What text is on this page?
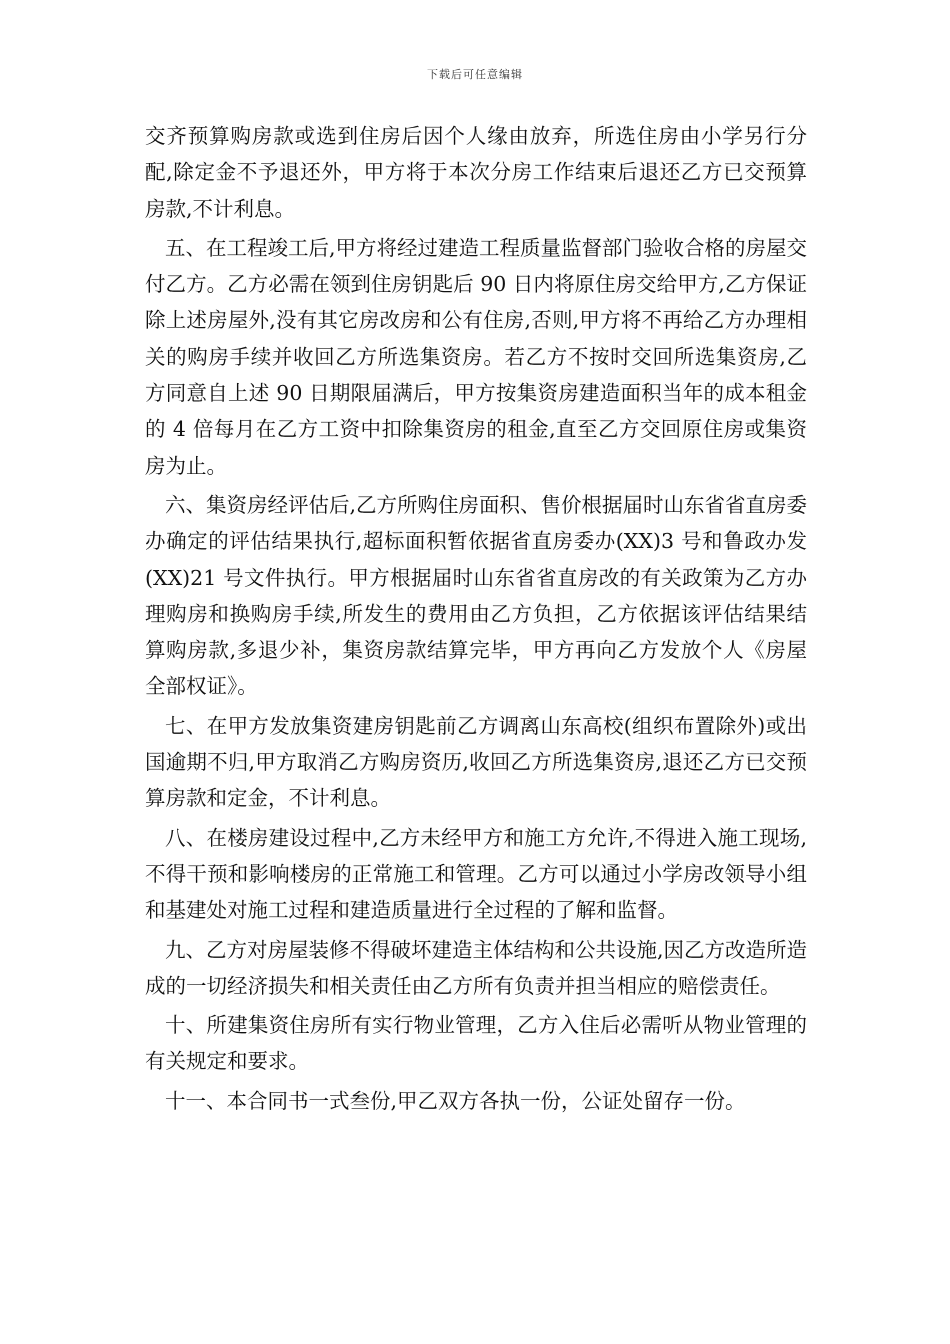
下载后可任意编辑

交齐预算购房款或选到住房后因个人缘由放弃，所选住房由小学另行分配,除定金不予退还外，甲方将于本次分房工作结束后退还乙方已交预算房款,不计利息。

五、在工程竣工后,甲方将经过建造工程质量监督部门验收合格的房屋交付乙方。乙方必需在领到住房钥匙后 90 日内将原住房交给甲方,乙方保证除上述房屋外,没有其它房改房和公有住房,否则,甲方将不再给乙方办理相关的购房手续并收回乙方所选集资房。若乙方不按时交回所选集资房,乙方同意自上述 90 日期限届满后，甲方按集资房建造面积当年的成本租金的 4 倍每月在乙方工资中扣除集资房的租金,直至乙方交回原住房或集资房为止。

六、集资房经评估后,乙方所购住房面积、售价根据届时山东省省直房委办确定的评估结果执行,超标面积暂依据省直房委办(XX)3 号和鲁政办发(XX)21 号文件执行。甲方根据届时山东省省直房改的有关政策为乙方办理购房和换购房手续,所发生的费用由乙方负担，乙方依据该评估结果结算购房款,多退少补，集资房款结算完毕，甲方再向乙方发放个人《房屋全部权证》。

七、在甲方发放集资建房钥匙前乙方调离山东高校(组织布置除外)或出国逾期不归,甲方取消乙方购房资历,收回乙方所选集资房,退还乙方已交预算房款和定金，不计利息。

八、在楼房建设过程中,乙方未经甲方和施工方允许,不得进入施工现场,不得干预和影响楼房的正常施工和管理。乙方可以通过小学房改领导小组和基建处对施工过程和建造质量进行全过程的了解和监督。

九、乙方对房屋装修不得破坏建造主体结构和公共设施,因乙方改造所造成的一切经济损失和相关责任由乙方所有负责并担当相应的赔偿责任。

十、所建集资住房所有实行物业管理，乙方入住后必需听从物业管理的有关规定和要求。

十一、本合同书一式叁份,甲乙双方各执一份，公证处留存一份。
